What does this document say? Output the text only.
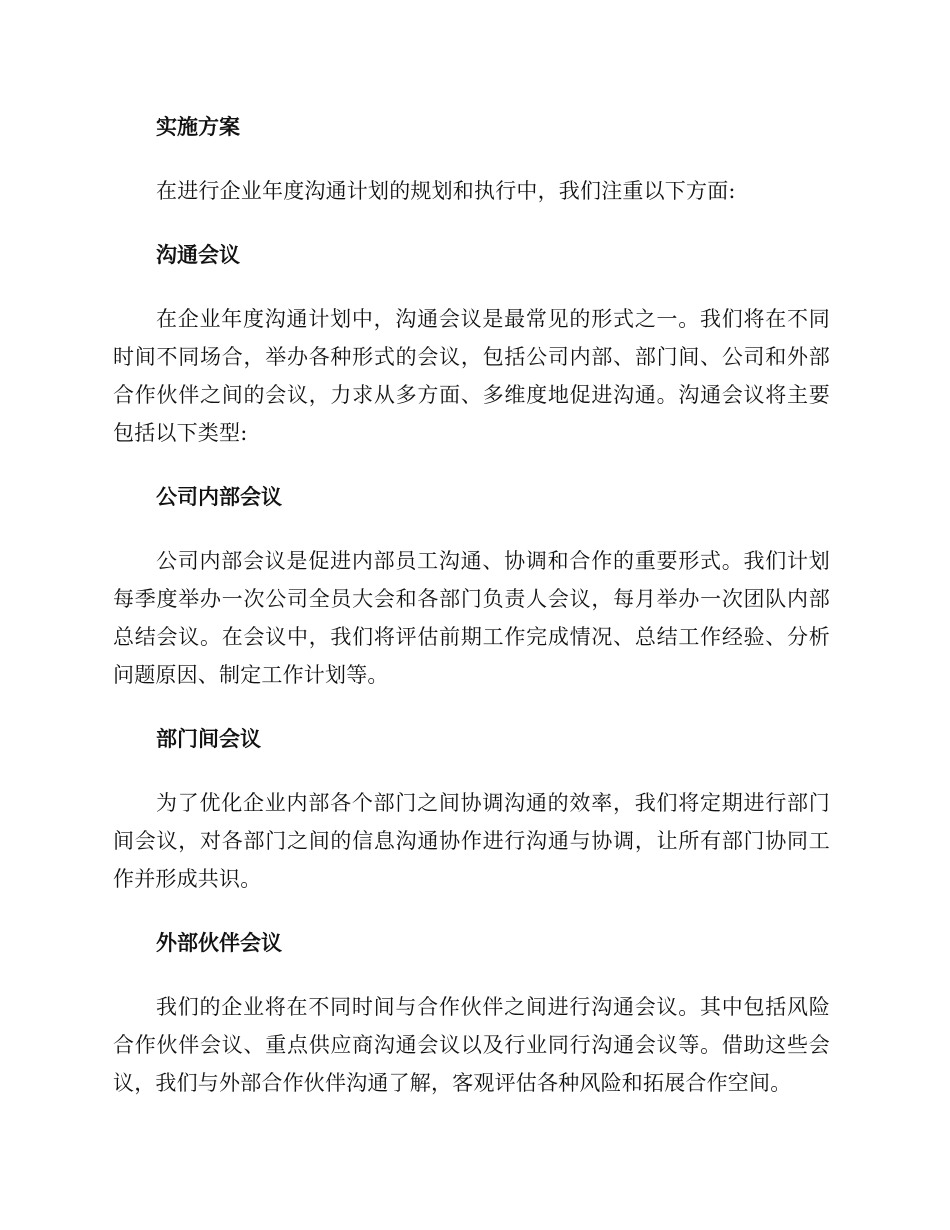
实施方案

在进行企业年度沟通计划的规划和执行中，我们注重以下方面:

沟通会议

在企业年度沟通计划中，沟通会议是最常见的形式之一。我们将在不同时间不同场合，举办各种形式的会议，包括公司内部、部门间、公司和外部合作伙伴之间的会议，力求从多方面、多维度地促进沟通。沟通会议将主要包括以下类型:

公司内部会议

公司内部会议是促进内部员工沟通、协调和合作的重要形式。我们计划每季度举办一次公司全员大会和各部门负责人会议，每月举办一次团队内部总结会议。在会议中，我们将评估前期工作完成情况、总结工作经验、分析问题原因、制定工作计划等。

部门间会议

为了优化企业内部各个部门之间协调沟通的效率，我们将定期进行部门间会议，对各部门之间的信息沟通协作进行沟通与协调，让所有部门协同工作并形成共识。

外部伙伴会议

我们的企业将在不同时间与合作伙伴之间进行沟通会议。其中包括风险合作伙伴会议、重点供应商沟通会议以及行业同行沟通会议等。借助这些会议，我们与外部合作伙伴沟通了解，客观评估各种风险和拓展合作空间。
